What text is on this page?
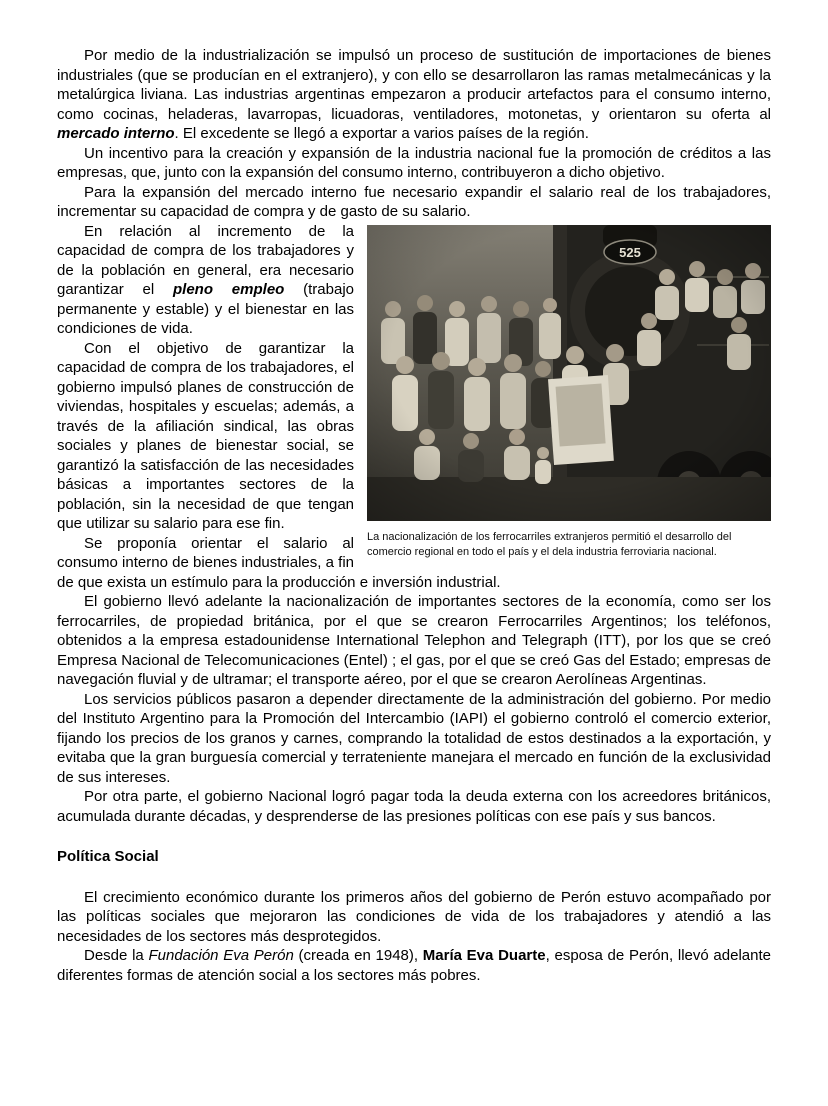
Por medio de la industrialización se impulsó un proceso de sustitución de importaciones de bienes industriales (que se producían en el extranjero), y con ello se desarrollaron las ramas metalmecánicas y la metalúrgica liviana. Las industrias argentinas empezaron a producir artefactos para el consumo interno, como cocinas, heladeras, lavarropas, licuadoras, ventiladores, motonetas, y orientaron su oferta al mercado interno. El excedente se llegó a exportar a varios países de la región.

Un incentivo para la creación y expansión de la industria nacional fue la promoción de créditos a las empresas, que, junto con la expansión del consumo interno, contribuyeron a dicho objetivo.

Para la expansión del mercado interno fue necesario expandir el salario real de los trabajadores, incrementar su capacidad de compra y de gasto de su salario.

La nacionalización de los ferrocarriles extranjeros permitió el desarrollo del comercio regional en todo el país y el dela industria ferroviaria nacional.

En relación al incremento de la capacidad de compra de los trabajadores y de la población en general, era necesario garantizar el pleno empleo (trabajo permanente y estable) y el bienestar en las condiciones de vida.

Con el objetivo de garantizar la capacidad de compra de los trabajadores, el gobierno impulsó planes de construcción de viviendas, hospitales y escuelas; además, a través de la afiliación sindical, las obras sociales y planes de bienestar social, se garantizó la satisfacción de las necesidades básicas a importantes sectores de la población, sin la necesidad de que tengan que utilizar su salario para ese fin.

Se proponía orientar el salario al consumo interno de bienes industriales, a fin de que exista un estímulo para la producción e inversión industrial.

El gobierno llevó adelante la nacionalización de importantes sectores de la economía, como ser los ferrocarriles, de propiedad británica, por el que se crearon Ferrocarriles Argentinos; los teléfonos, obtenidos a la empresa estadounidense International Telephon and Telegraph (ITT), por los que se creó Empresa Nacional de Telecomunicaciones (Entel) ; el gas, por el que se creó Gas del Estado; empresas de navegación fluvial y de ultramar; el transporte aéreo, por el que se crearon Aerolíneas Argentinas.

Los servicios públicos pasaron a depender directamente de la administración del gobierno. Por medio del Instituto Argentino para la Promoción del Intercambio (IAPI) el gobierno controló el comercio exterior, fijando los precios de los granos y carnes, comprando la totalidad de estos destinados a la exportación, y evitaba que la gran burguesía comercial y terrateniente manejara el mercado en función de la exclusividad de sus intereses.

Por otra parte, el gobierno Nacional logró pagar toda la deuda externa con los acreedores británicos, acumulada durante décadas, y desprenderse de las presiones políticas con ese país y sus bancos.

Política Social

El crecimiento económico durante los primeros años del gobierno de Perón estuvo acompañado por las políticas sociales que mejoraron las condiciones de vida de los trabajadores y atendió a las necesidades de los sectores más desprotegidos.

Desde la Fundación Eva Perón (creada en 1948), María Eva Duarte, esposa de Perón, llevó adelante diferentes formas de atención social a los sectores más pobres.
